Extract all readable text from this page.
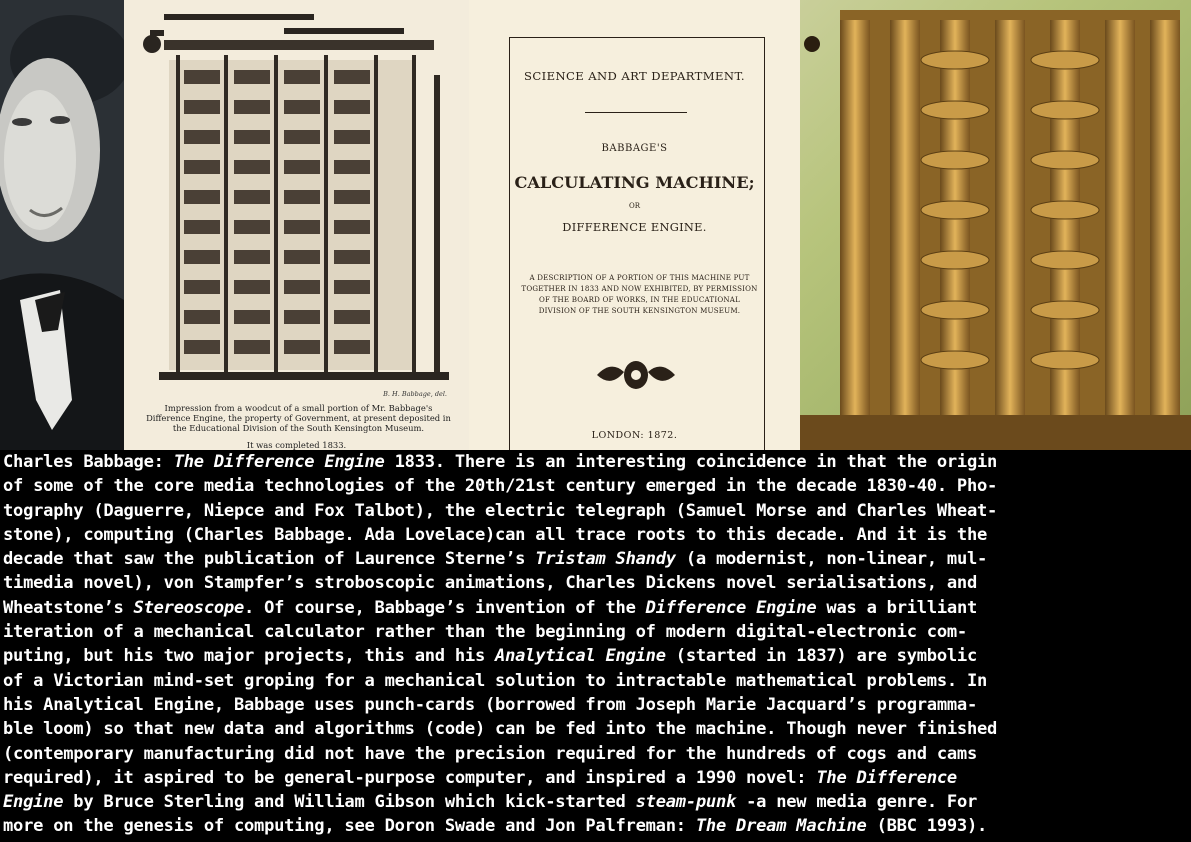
B. H. Babbage, del.
Impression from a woodcut of a small portion of Mr. Babbage's Difference Engine, the property of Government, at present deposited in the Educational Division of the South Kensington Museum.
It was completed 1833.
SCIENCE AND ART DEPARTMENT.
BABBAGE'S
CALCULATING MACHINE;
OR
DIFFERENCE ENGINE.
A DESCRIPTION OF A PORTION OF THIS MACHINE PUT TOGETHER IN 1833 AND NOW EXHIBITED, BY PERMISSION OF THE BOARD OF WORKS, IN THE EDUCATIONAL DIVISION OF THE SOUTH KENSINGTON MUSEUM.
LONDON: 1872.
Charles Babbage: The Difference Engine 1833. There is an interesting coincidence in that the origin
of some of the core media technologies of the 20th/21st century emerged in the decade 1830-40. Pho-
tography (Daguerre, Niepce and Fox Talbot), the electric telegraph (Samuel Morse and Charles Wheat-
stone), computing (Charles Babbage. Ada Lovelace)can all trace roots to this decade. And it is the
decade that saw the publication of Laurence Sterne’s Tristam Shandy (a modernist, non-linear, mul-
timedia novel), von Stampfer’s stroboscopic animations, Charles Dickens novel serialisations, and
Wheatstone’s Stereoscope. Of course, Babbage’s invention of the Difference Engine was a brilliant
iteration of a mechanical calculator rather than the beginning of modern digital-electronic com-
puting, but his two major projects, this and his Analytical Engine (started in 1837) are symbolic
of a Victorian mind-set groping for a mechanical solution to intractable mathematical problems. In
his Analytical Engine, Babbage uses punch-cards (borrowed from Joseph Marie Jacquard’s programma-
ble loom) so that new data and algorithms (code) can be fed into the machine. Though never finished
(contemporary manufacturing did not have the precision required for the hundreds of cogs and cams
required), it aspired to be general-purpose computer, and inspired a 1990 novel: The Difference
Engine by Bruce Sterling and William Gibson which kick-started steam-punk -a new media genre. For
more on the genesis of computing, see Doron Swade and Jon Palfreman: The Dream Machine (BBC 1993).
